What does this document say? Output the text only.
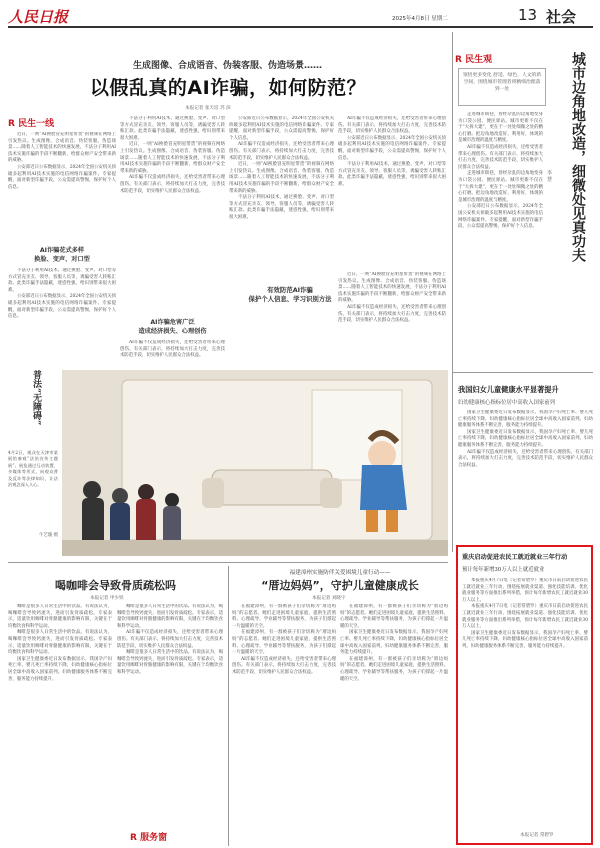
人民日报	2025年4月8日 星期二	13 社会
生成图像、合成语音、伪装客服、伪造场景……
以假乱真的AI诈骗，如何防范？
本报记者 张天培 苏 滨
R 民生一线

近日，一则“AI换脸冒充明星带货”的视频在网络上引发热议。生成图像、合成语音、伪装客服、伪造场景……随着人工智能技术的快速发展，不法分子利用AI技术实施诈骗的手段不断翻新，给群众财产安全带来新的威胁。

公安部近日公布数据显示，2024年全国公安机关侦破多起利用AI技术实施的电信网络诈骗案件。专家提醒，面对新型诈骗手段，公众需提高警惕，保护好个人信息。

AI诈骗花式多样
换脸、变声、对口型

不法分子利用AI技术，通过换脸、变声、对口型等方式冒充亲友、领导、客服人员等，诱骗受害人转账汇款。此类诈骗手法隐蔽，迷惑性强，给识别带来很大困难。

公安部近日公布数据显示，2024年全国公安机关侦破多起利用AI技术实施的电信网络诈骗案件。专家提醒，面对新型诈骗手段，公众需提高警惕，保护好个人信息。

不法分子利用AI技术，通过换脸、变声、对口型等方式冒充亲友、领导、客服人员等，诱骗受害人转账汇款。此类诈骗手法隐蔽，迷惑性强，给识别带来很大困难。

近日，一则“AI换脸冒充明星带货”的视频在网络上引发热议。生成图像、合成语音、伪装客服、伪造场景……随着人工智能技术的快速发展，不法分子利用AI技术实施诈骗的手段不断翻新，给群众财产安全带来新的威胁。

AI诈骗不仅造成经济损失，还给受害者带来心理创伤。有关部门表示，将持续加大打击力度，完善技术防范手段，切实维护人民群众合法权益。

AI诈骗危害广泛
造成经济损失、心理创伤

AI诈骗不仅造成经济损失，还给受害者带来心理创伤。有关部门表示，将持续加大打击力度，完善技术防范手段，切实维护人民群众合法权益。

公安部近日公布数据显示，2024年全国公安机关侦破多起利用AI技术实施的电信网络诈骗案件。专家提醒，面对新型诈骗手段，公众需提高警惕，保护好个人信息。

AI诈骗不仅造成经济损失，还给受害者带来心理创伤。有关部门表示，将持续加大打击力度，完善技术防范手段，切实维护人民群众合法权益。

近日，一则“AI换脸冒充明星带货”的视频在网络上引发热议。生成图像、合成语音、伪装客服、伪造场景……随着人工智能技术的快速发展，不法分子利用AI技术实施诈骗的手段不断翻新，给群众财产安全带来新的威胁。

不法分子利用AI技术，通过换脸、变声、对口型等方式冒充亲友、领导、客服人员等，诱骗受害人转账汇款。此类诈骗手法隐蔽，迷惑性强，给识别带来很大困难。

AI诈骗不仅造成经济损失，还给受害者带来心理创伤。有关部门表示，将持续加大打击力度，完善技术防范手段，切实维护人民群众合法权益。

公安部近日公布数据显示，2024年全国公安机关侦破多起利用AI技术实施的电信网络诈骗案件。专家提醒，面对新型诈骗手段，公众需提高警惕，保护好个人信息。

不法分子利用AI技术，通过换脸、变声、对口型等方式冒充亲友、领导、客服人员等，诱骗受害人转账汇款。此类诈骗手法隐蔽，迷惑性强，给识别带来很大困难。

有效防范AI诈骗
保护个人信息、学习识别方法

近日，一则“AI换脸冒充明星带货”的视频在网络上引发热议。生成图像、合成语音、伪装客服、伪造场景……随着人工智能技术的快速发展，不法分子利用AI技术实施诈骗的手段不断翻新，给群众财产安全带来新的威胁。

AI诈骗不仅造成经济损失，还给受害者带来心理创伤。有关部门表示，将持续加大打击力度，完善技术防范手段，切实维护人民群众合法权益。

普法“无障碍”
4月2日，观众在天津市某展馆参观“法治宣传主题展”。展览通过互动装置、多媒体等形式，向观众普及反诈等法律知识，让法治观念深入人心。
牛艺璇 摄
R 民生观
领悟更多变化 舒适、绿色、人文的新空间，围绕城市管理者将精细治理落到一处	城市边角地改造，细微处见真功夫
李 慧

走进城市街巷，曾经杂乱的边角地变身为口袋公园、便民驿站。城市更新不仅在于“大拆大建”，更在于一处处细微之处的精心打磨。把边角地改造好、利用好，体现的是城市治理的温度与精度。

AI诈骗不仅造成经济损失，还给受害者带来心理创伤。有关部门表示，将持续加大打击力度，完善技术防范手段，切实维护人民群众合法权益。

走进城市街巷，曾经杂乱的边角地变身为口袋公园、便民驿站。城市更新不仅在于“大拆大建”，更在于一处处细微之处的精心打磨。把边角地改造好、利用好，体现的是城市治理的温度与精度。

公安部近日公布数据显示，2024年全国公安机关侦破多起利用AI技术实施的电信网络诈骗案件。专家提醒，面对新型诈骗手段，公众需提高警惕，保护好个人信息。

我国妇女儿童健康水平显著提升
妇幼健康核心指标位居中高收入国家前列

国家卫生健康委近日发布数据显示，我国孕产妇死亡率、婴儿死亡率持续下降，妇幼健康核心指标位居全球中高收入国家前列。妇幼健康服务体系不断完善，服务能力持续提升。

国家卫生健康委近日发布数据显示，我国孕产妇死亡率、婴儿死亡率持续下降，妇幼健康核心指标位居全球中高收入国家前列。妇幼健康服务体系不断完善，服务能力持续提升。

AI诈骗不仅造成经济损失，还给受害者带来心理创伤。有关部门表示，将持续加大打击力度，完善技术防范手段，切实维护人民群众合法权益。

重庆启动促进农民工就近就业三年行动
预计每年新增30万人以上就近就业

本报重庆4月7日电（记者常碧罗）重庆市日前启动促进农民工就近就业三年行动，围绕拓展就业渠道、强化技能培训、优化就业服务等方面推出系列举措，预计每年新增农民工就近就业30万人以上。

本报重庆4月7日电（记者常碧罗）重庆市日前启动促进农民工就近就业三年行动，围绕拓展就业渠道、强化技能培训、优化就业服务等方面推出系列举措，预计每年新增农民工就近就业30万人以上。

国家卫生健康委近日发布数据显示，我国孕产妇死亡率、婴儿死亡率持续下降，妇幼健康核心指标位居全球中高收入国家前列。妇幼健康服务体系不断完善，服务能力持续提升。

本报记者 常碧罗
喝咖啡会导致骨质疏松吗
本报记者 申少铁

咖啡是很多人日常生活中的饮品。有说法认为，喝咖啡会导致钙流失，进而引发骨质疏松。专家表示，适量饮用咖啡对骨骼健康的影响有限，关键在于均衡饮食和科学运动。

咖啡是很多人日常生活中的饮品。有说法认为，喝咖啡会导致钙流失，进而引发骨质疏松。专家表示，适量饮用咖啡对骨骼健康的影响有限，关键在于均衡饮食和科学运动。

国家卫生健康委近日发布数据显示，我国孕产妇死亡率、婴儿死亡率持续下降，妇幼健康核心指标位居全球中高收入国家前列。妇幼健康服务体系不断完善，服务能力持续提升。

咖啡是很多人日常生活中的饮品。有说法认为，喝咖啡会导致钙流失，进而引发骨质疏松。专家表示，适量饮用咖啡对骨骼健康的影响有限，关键在于均衡饮食和科学运动。

AI诈骗不仅造成经济损失，还给受害者带来心理创伤。有关部门表示，将持续加大打击力度，完善技术防范手段，切实维护人民群众合法权益。

咖啡是很多人日常生活中的饮品。有说法认为，喝咖啡会导致钙流失，进而引发骨质疏松。专家表示，适量饮用咖啡对骨骼健康的影响有限，关键在于均衡饮食和科学运动。

R 服务窗
福建漳州实施防伴关爱困境儿童行动——
“厝边妈妈”，守护儿童健康成长
本报记者 刘晓宇

在福建漳州，有一群被孩子们亲切称为“厝边妈妈”的志愿者。她们走进困境儿童家庭，提供生活照料、心理疏导、学业辅导等帮扶服务，为孩子们撑起一片温暖的天空。

在福建漳州，有一群被孩子们亲切称为“厝边妈妈”的志愿者。她们走进困境儿童家庭，提供生活照料、心理疏导、学业辅导等帮扶服务，为孩子们撑起一片温暖的天空。

AI诈骗不仅造成经济损失，还给受害者带来心理创伤。有关部门表示，将持续加大打击力度，完善技术防范手段，切实维护人民群众合法权益。

在福建漳州，有一群被孩子们亲切称为“厝边妈妈”的志愿者。她们走进困境儿童家庭，提供生活照料、心理疏导、学业辅导等帮扶服务，为孩子们撑起一片温暖的天空。

国家卫生健康委近日发布数据显示，我国孕产妇死亡率、婴儿死亡率持续下降，妇幼健康核心指标位居全球中高收入国家前列。妇幼健康服务体系不断完善，服务能力持续提升。

在福建漳州，有一群被孩子们亲切称为“厝边妈妈”的志愿者。她们走进困境儿童家庭，提供生活照料、心理疏导、学业辅导等帮扶服务，为孩子们撑起一片温暖的天空。
